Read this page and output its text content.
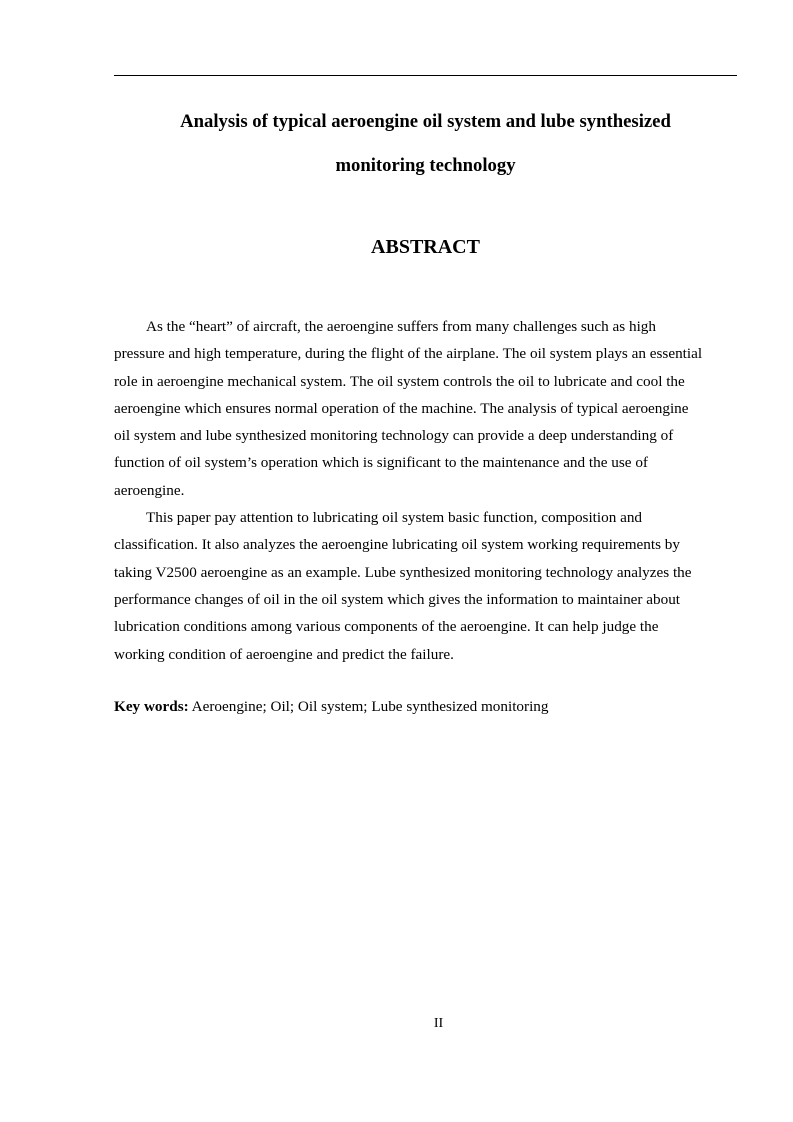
Analysis of typical aeroengine oil system and lube synthesized
monitoring technology
ABSTRACT
As the “heart” of aircraft, the aeroengine suffers from many challenges such as high
pressure and high temperature, during the flight of the airplane. The oil system plays an essential
role in aeroengine mechanical system. The oil system controls the oil to lubricate and cool the
aeroengine which ensures normal operation of the machine. The analysis of typical aeroengine
oil system and lube synthesized monitoring technology can provide a deep understanding of
function of oil system’s operation which is significant to the maintenance and the use of
aeroengine.
This paper pay attention to lubricating oil system basic function, composition and
classification. It also analyzes the aeroengine lubricating oil system working requirements by
taking V2500 aeroengine as an example. Lube synthesized monitoring technology analyzes the
performance changes of oil in the oil system which gives the information to maintainer about
lubrication conditions among various components of the aeroengine. It can help judge the
working condition of aeroengine and predict the failure.
Key words: Aeroengine; Oil; Oil system; Lube synthesized monitoring
II
